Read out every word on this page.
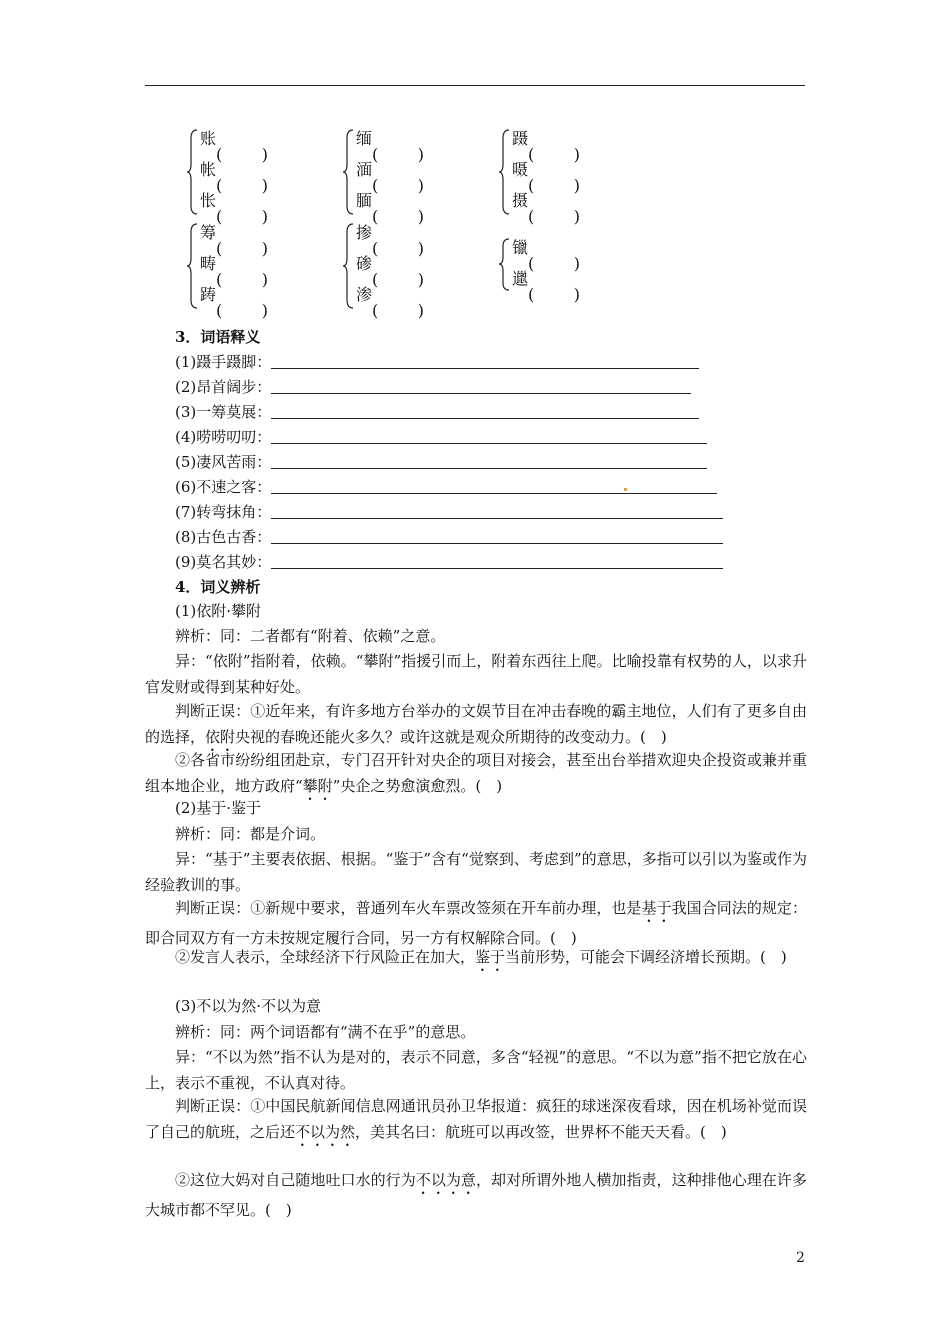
账
( )
帐
( )
怅
( )
缅
( )
湎
( )
腼
( )
蹑
( )
嗫
( )
摄
( )
筹
( )
畴
( )
踌
( )
掺
( )
碜
( )
渗
( )
镴
( )
邋
( )
3．词语释义
(1)蹑手蹑脚：
(2)昂首阔步：
(3)一筹莫展：
(4)唠唠叨叨：
(5)凄风苦雨：
(6)不速之客：
(7)转弯抹角：
(8)古色古香：
(9)莫名其妙：
4．词义辨析
(1)依附·攀附
辨析：同：二者都有“附着、依赖”之意。
异：“依附”指附着，依赖。“攀附”指援引而上，附着东西往上爬。比喻投靠有权势的人，以求升官发财或得到某种好处。
判断正误：①近年来，有许多地方台举办的文娱节目在冲击春晚的霸主地位，人们有了更多自由的选择，依附央视的春晚还能火多久？或许这就是观众所期待的改变动力。(　)
②各省市纷纷组团赴京，专门召开针对央企的项目对接会，甚至出台举措欢迎央企投资或兼并重组本地企业，地方政府“攀附”央企之势愈演愈烈。(　)
(2)基于·鉴于
辨析：同：都是介词。
异：“基于”主要表依据、根据。“鉴于”含有“觉察到、考虑到”的意思，多指可以引以为鉴或作为经验教训的事。
判断正误：①新规中要求，普通列车火车票改签须在开车前办理，也是基于我国合同法的规定：即合同双方有一方未按规定履行合同，另一方有权解除合同。(　)
②发言人表示，全球经济下行风险正在加大，鉴于当前形势，可能会下调经济增长预期。(　)
(3)不以为然·不以为意
辨析：同：两个词语都有“满不在乎”的意思。
异：“不以为然”指不认为是对的，表示不同意，多含“轻视”的意思。“不以为意”指不把它放在心上，表示不重视，不认真对待。
判断正误：①中国民航新闻信息网通讯员孙卫华报道：疯狂的球迷深夜看球，因在机场补觉而误了自己的航班，之后还不以为然，美其名曰：航班可以再改签，世界杯不能天天看。(　)
②这位大妈对自己随地吐口水的行为不以为意，却对所谓外地人横加指责，这种排他心理在许多大城市都不罕见。(　)
2
